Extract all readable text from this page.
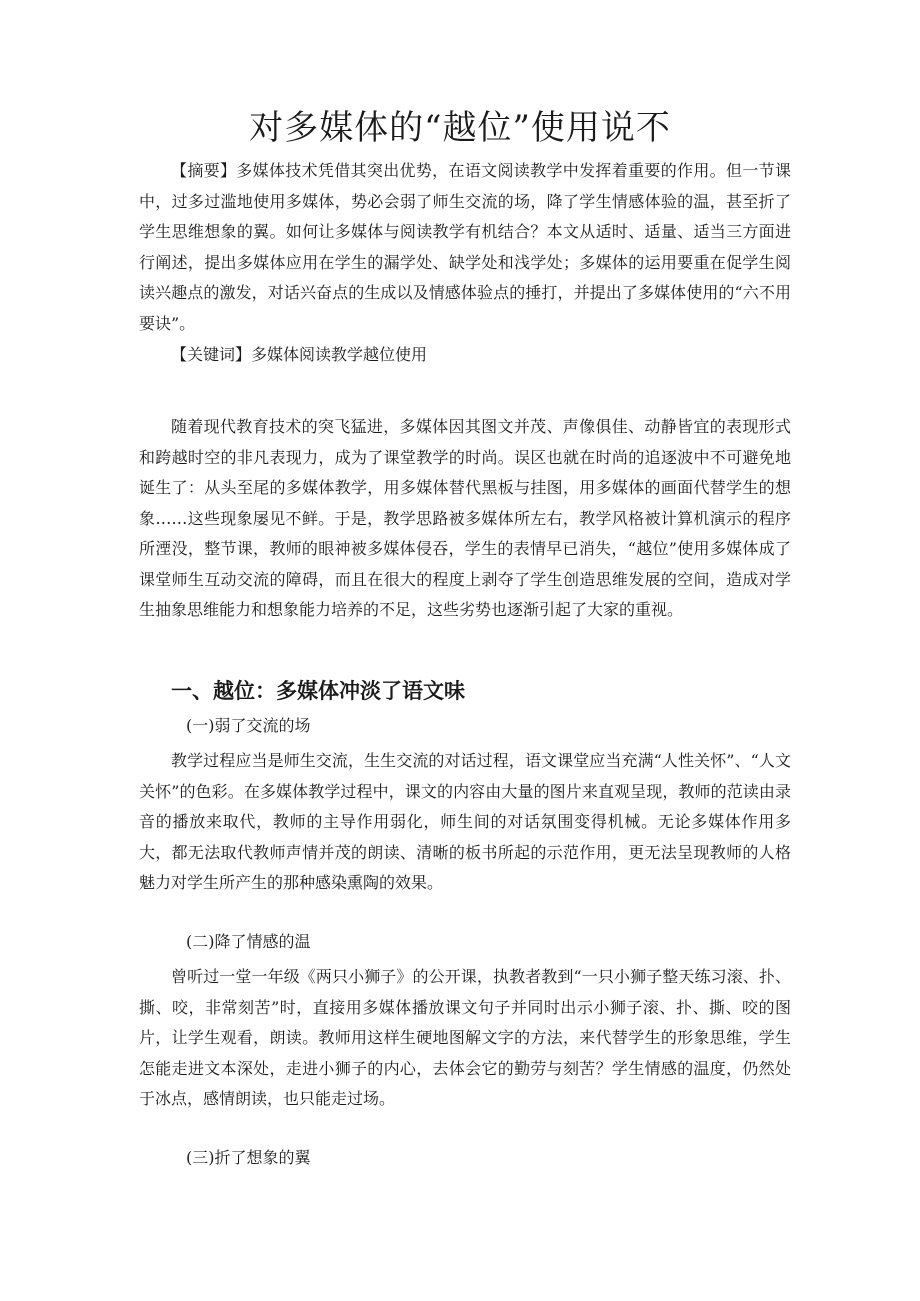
对多媒体的“越位”使用说不

【摘要】多媒体技术凭借其突出优势，在语文阅读教学中发挥着重要的作用。但一节课中，过多过滥地使用多媒体，势必会弱了师生交流的场，降了学生情感体验的温，甚至折了学生思维想象的翼。如何让多媒体与阅读教学有机结合？本文从适时、适量、适当三方面进行阐述，提出多媒体应用在学生的漏学处、缺学处和浅学处；多媒体的运用要重在促学生阅读兴趣点的激发，对话兴奋点的生成以及情感体验点的捶打，并提出了多媒体使用的“六不用要诀”。

【关键词】多媒体阅读教学越位使用

随着现代教育技术的突飞猛进，多媒体因其图文并茂、声像俱佳、动静皆宜的表现形式和跨越时空的非凡表现力，成为了课堂教学的时尚。误区也就在时尚的追逐波中不可避免地诞生了：从头至尾的多媒体教学，用多媒体替代黑板与挂图，用多媒体的画面代替学生的想象……这些现象屡见不鲜。于是，教学思路被多媒体所左右，教学风格被计算机演示的程序所湮没，整节课，教师的眼神被多媒体侵吞，学生的表情早已消失，“越位”使用多媒体成了课堂师生互动交流的障碍，而且在很大的程度上剥夺了学生创造思维发展的空间，造成对学生抽象思维能力和想象能力培养的不足，这些劣势也逐渐引起了大家的重视。

一、越位：多媒体冲淡了语文味

(一)弱了交流的场

教学过程应当是师生交流，生生交流的对话过程，语文课堂应当充满“人性关怀”、“人文关怀”的色彩。在多媒体教学过程中，课文的内容由大量的图片来直观呈现，教师的范读由录音的播放来取代，教师的主导作用弱化，师生间的对话氛围变得机械。无论多媒体作用多大，都无法取代教师声情并茂的朗读、清晰的板书所起的示范作用，更无法呈现教师的人格魅力对学生所产生的那种感染熏陶的效果。

(二)降了情感的温

曾听过一堂一年级《两只小狮子》的公开课，执教者教到“一只小狮子整天练习滚、扑、撕、咬，非常刻苦”时，直接用多媒体播放课文句子并同时出示小狮子滚、扑、撕、咬的图片，让学生观看，朗读。教师用这样生硬地图解文字的方法，来代替学生的形象思维，学生怎能走进文本深处，走进小狮子的内心，去体会它的勤劳与刻苦？学生情感的温度，仍然处于冰点，感情朗读，也只能走过场。

(三)折了想象的翼
